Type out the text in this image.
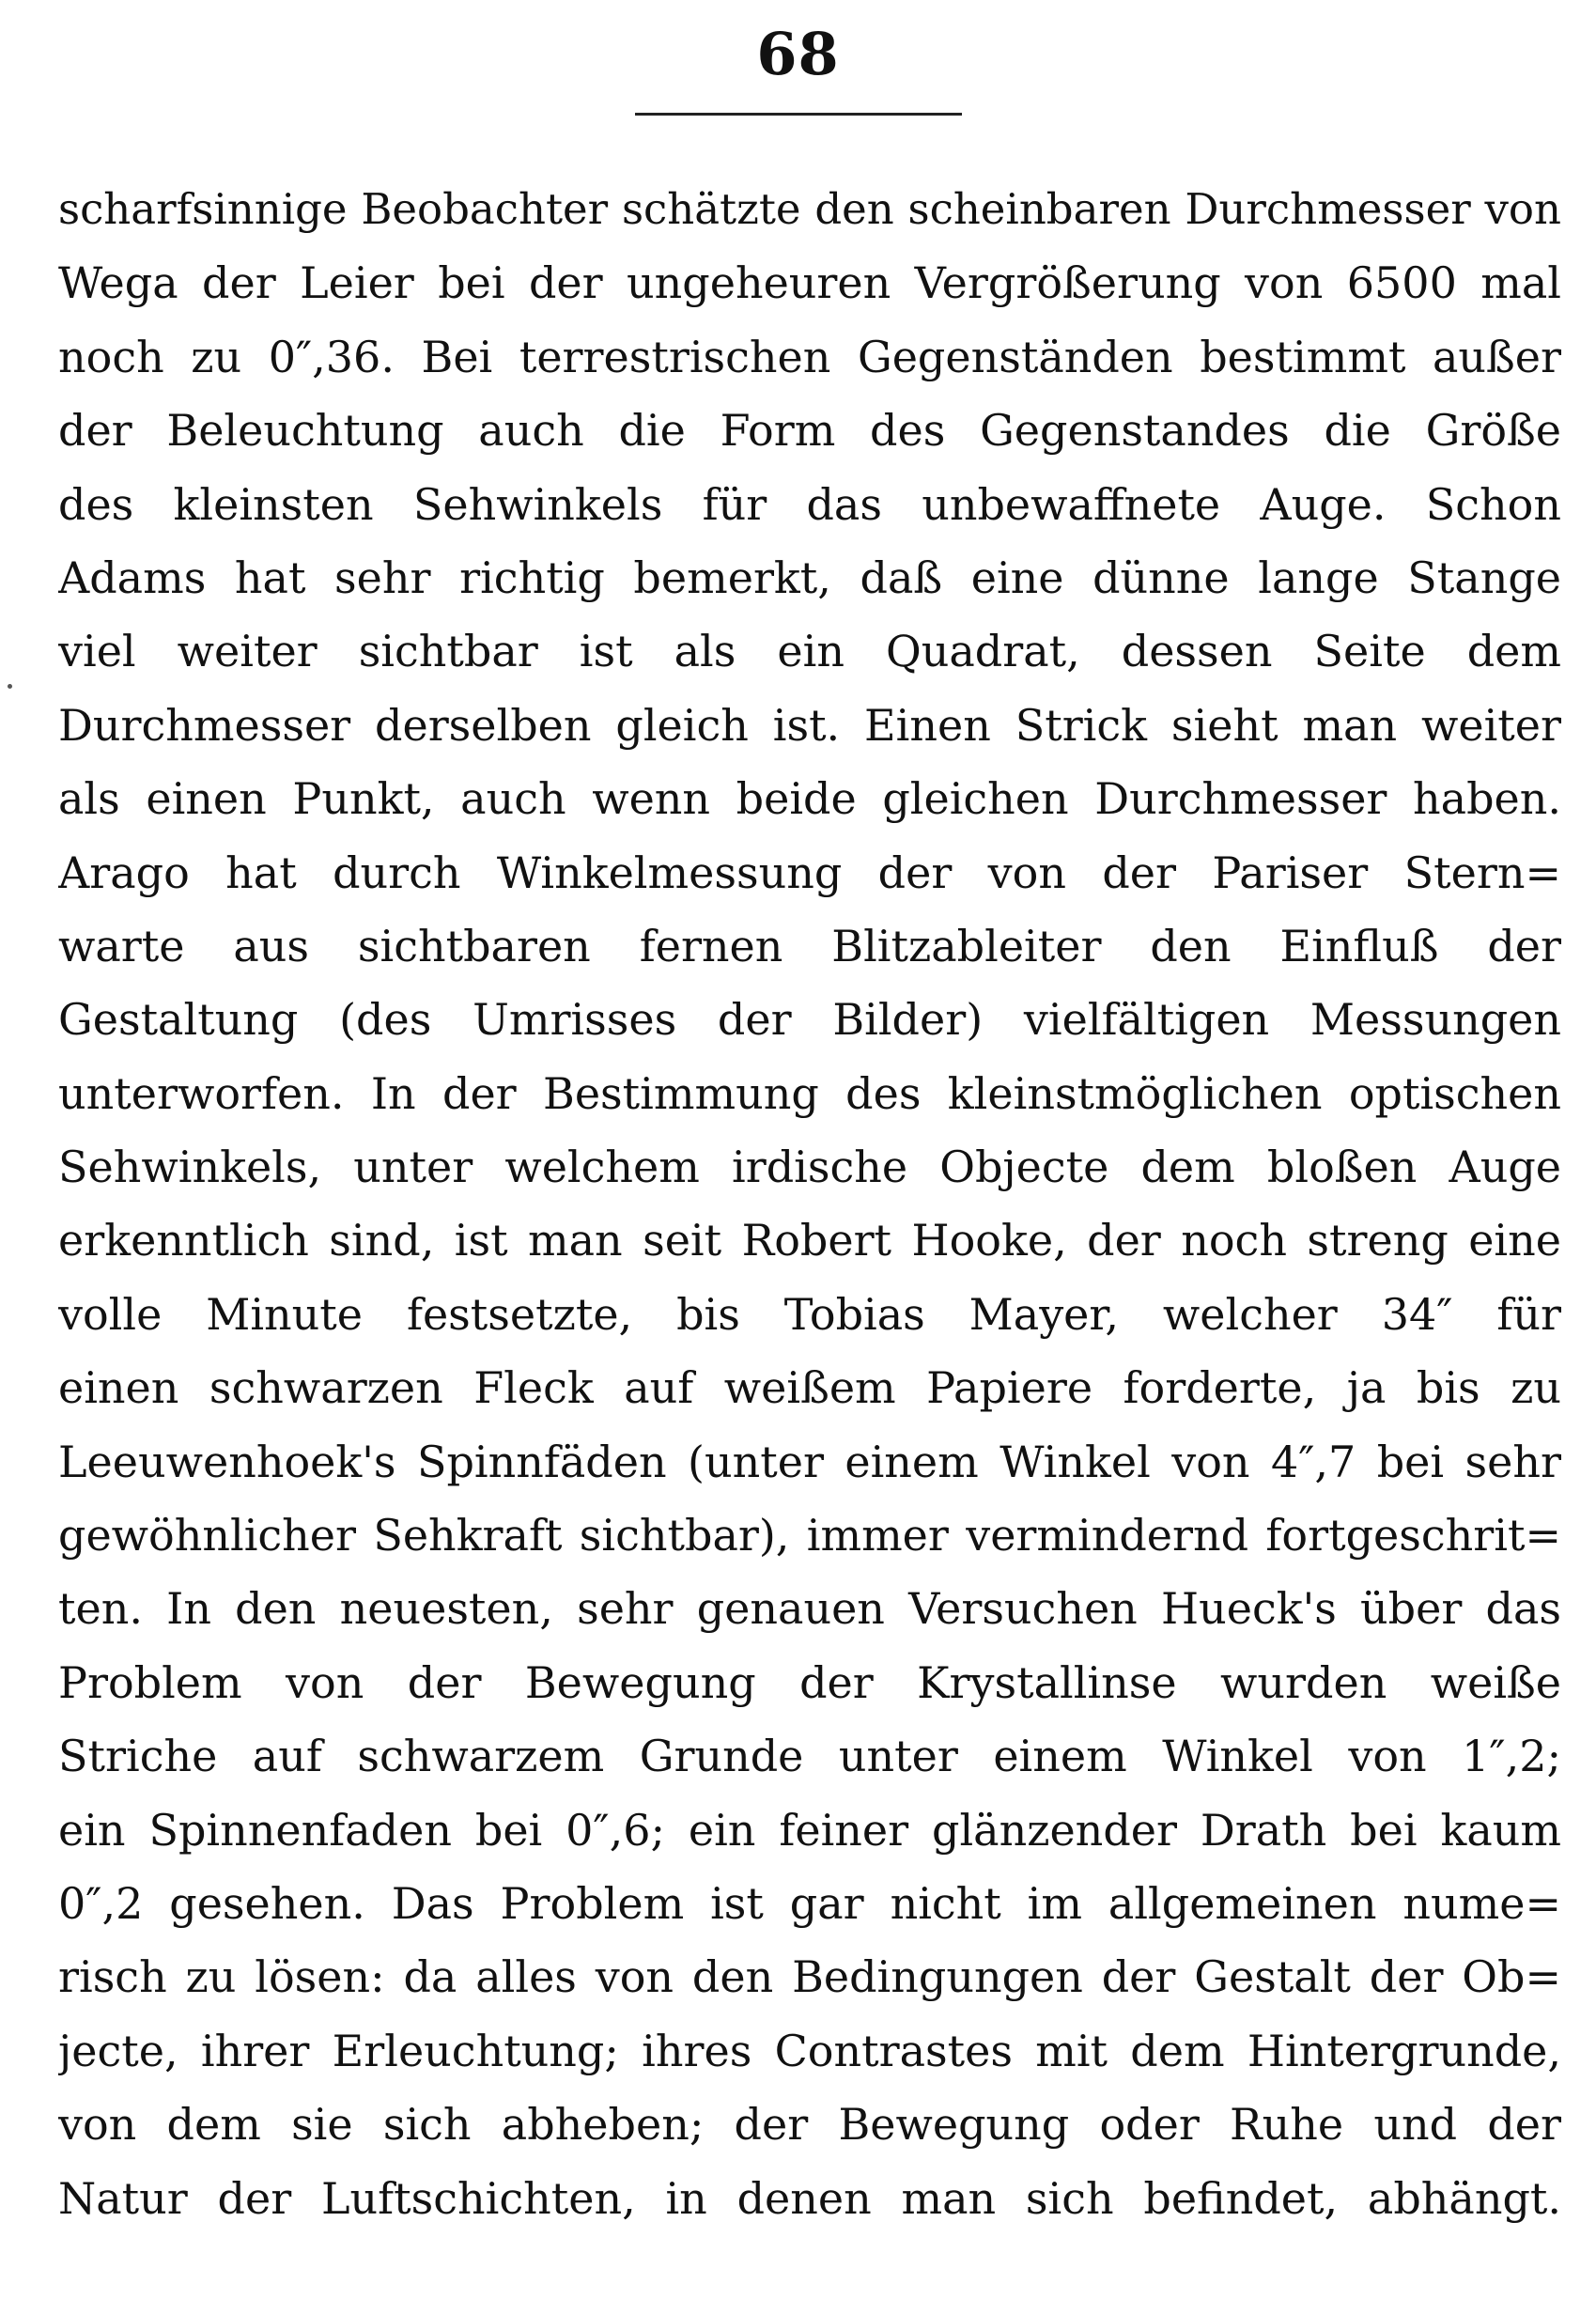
68
scharfsinnige Beobachter schätzte den scheinbaren Durchmesser von
Wega der Leier bei der ungeheuren Vergrößerung von 6500 mal
noch zu 0″,36. Bei terrestrischen Gegenständen bestimmt außer
der Beleuchtung auch die Form des Gegenstandes die Größe
des kleinsten Sehwinkels für das unbewaffnete Auge. Schon
Adams hat sehr richtig bemerkt, daß eine dünne lange Stange
viel weiter sichtbar ist als ein Quadrat, dessen Seite dem
Durchmesser derselben gleich ist. Einen Strick sieht man weiter
als einen Punkt, auch wenn beide gleichen Durchmesser haben.
Arago hat durch Winkelmessung der von der Pariser Stern=
warte aus sichtbaren fernen Blitzableiter den Einfluß der
Gestaltung (des Umrisses der Bilder) vielfältigen Messungen
unterworfen. In der Bestimmung des kleinstmöglichen optischen
Sehwinkels, unter welchem irdische Objecte dem bloßen Auge
erkenntlich sind, ist man seit Robert Hooke, der noch streng eine
volle Minute festsetzte, bis Tobias Mayer, welcher 34″ für
einen schwarzen Fleck auf weißem Papiere forderte, ja bis zu
Leeuwenhoek's Spinnfäden (unter einem Winkel von 4″,7 bei sehr
gewöhnlicher Sehkraft sichtbar), immer vermindernd fortgeschrit=
ten. In den neuesten, sehr genauen Versuchen Hueck's über das
Problem von der Bewegung der Krystallinse wurden weiße
Striche auf schwarzem Grunde unter einem Winkel von 1″,2;
ein Spinnenfaden bei 0″,6; ein feiner glänzender Drath bei kaum
0″,2 gesehen. Das Problem ist gar nicht im allgemeinen nume=
risch zu lösen: da alles von den Bedingungen der Gestalt der Ob=
jecte, ihrer Erleuchtung; ihres Contrastes mit dem Hintergrunde,
von dem sie sich abheben; der Bewegung oder Ruhe und der
Natur der Luftschichten, in denen man sich befindet, abhängt.
